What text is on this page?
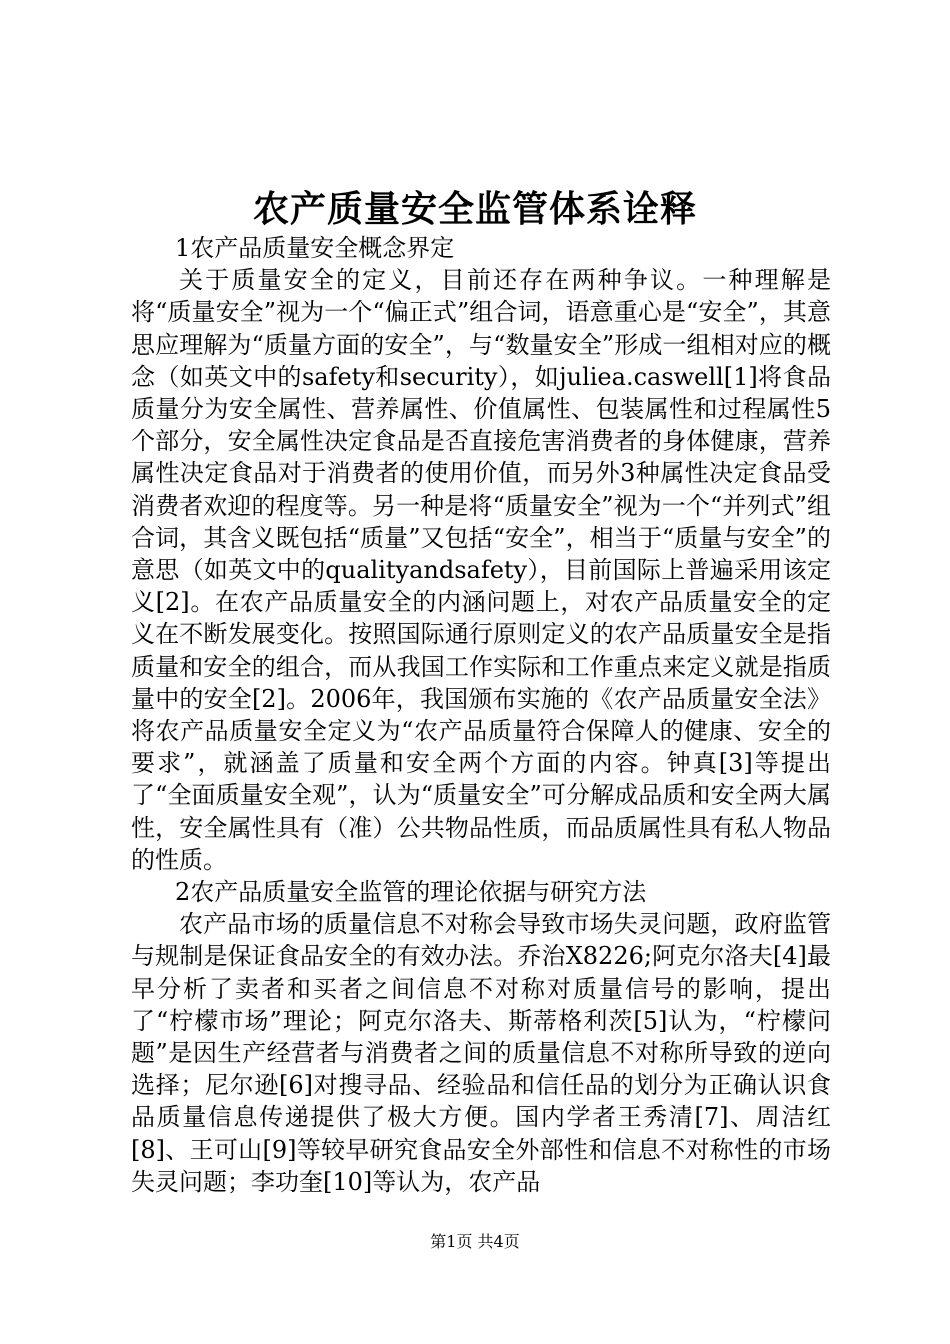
农产质量安全监管体系诠释
1农产品质量安全概念界定

关于质量安全的定义，目前还存在两种争议。一种理解是将“质量安全”视为一个“偏正式”组合词，语意重心是“安全”，其意思应理解为“质量方面的安全”，与“数量安全”形成一组相对应的概念（如英文中的safety和security），如juliea.caswell[1]将食品质量分为安全属性、营养属性、价值属性、包装属性和过程属性5个部分，安全属性决定食品是否直接危害消费者的身体健康，营养属性决定食品对于消费者的使用价值，而另外3种属性决定食品受消费者欢迎的程度等。另一种是将“质量安全”视为一个“并列式”组合词，其含义既包括“质量”又包括“安全”，相当于“质量与安全”的意思（如英文中的qualityandsafety），目前国际上普遍采用该定义[2]。在农产品质量安全的内涵问题上，对农产品质量安全的定义在不断发展变化。按照国际通行原则定义的农产品质量安全是指质量和安全的组合，而从我国工作实际和工作重点来定义就是指质量中的安全[2]。2006年，我国颁布实施的《农产品质量安全法》将农产品质量安全定义为“农产品质量符合保障人的健康、安全的要求”，就涵盖了质量和安全两个方面的内容。钟真[3]等提出了“全面质量安全观”，认为“质量安全”可分解成品质和安全两大属性，安全属性具有（准）公共物品性质，而品质属性具有私人物品的性质。

2农产品质量安全监管的理论依据与研究方法

农产品市场的质量信息不对称会导致市场失灵问题，政府监管与规制是保证食品安全的有效办法。乔治X8226;阿克尔洛夫[4]最早分析了卖者和买者之间信息不对称对质量信号的影响，提出了“柠檬市场”理论；阿克尔洛夫、斯蒂格利茨[5]认为，“柠檬问题”是因生产经营者与消费者之间的质量信息不对称所导致的逆向选择；尼尔逊[6]对搜寻品、经验品和信任品的划分为正确认识食品质量信息传递提供了极大方便。国内学者王秀清[7]、周洁红[8]、王可山[9]等较早研究食品安全外部性和信息不对称性的市场失灵问题；李功奎[10]等认为，农产品

第1页 共4页
